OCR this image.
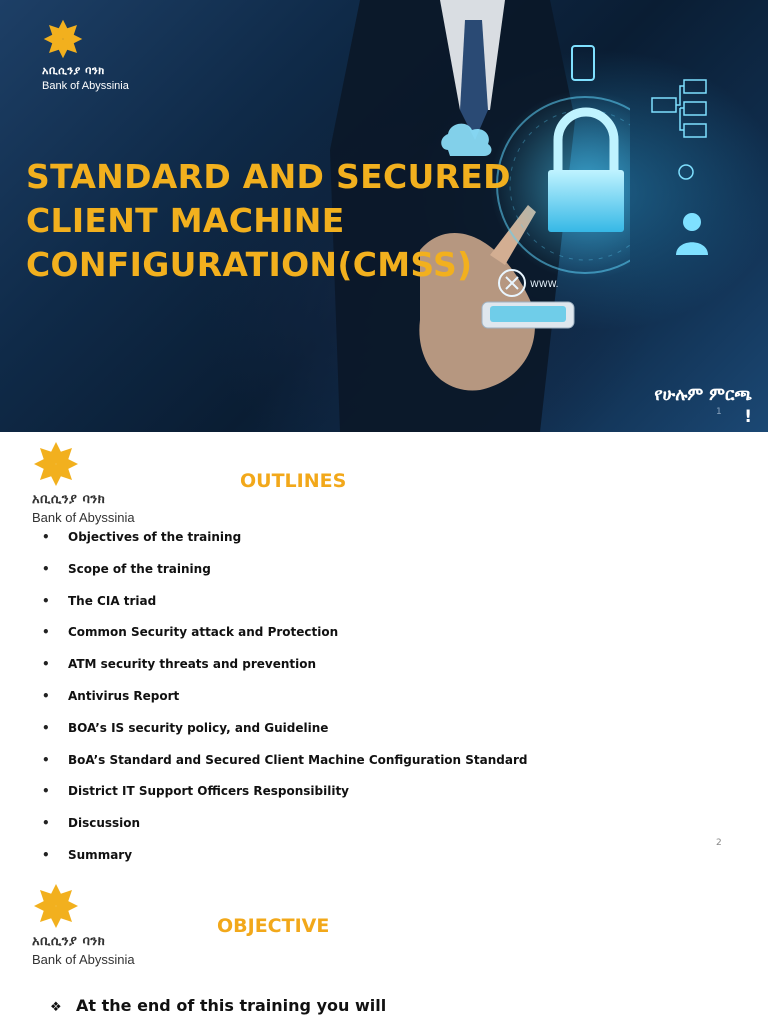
WWW.
አቢሲንያ ባንክ
Bank of Abyssinia
STANDARD AND SECURED
CLIENT MACHINE
CONFIGURATION(CMSS)
የሁሉም ምርጫ
!
1
አቢሲንያ ባንክ
Bank of Abyssinia
OUTLINES
• Objectives of the training
• Scope of the training
• The CIA triad
• Common Security attack and Protection
• ATM security threats and prevention
• Antivirus Report
• BOA’s IS security policy, and Guideline
• BoA’s Standard and Secured Client Machine Configuration Standard
• District IT Support Officers Responsibility
• Discussion
• Summary
2
አቢሲንያ ባንክ
Bank of Abyssinia
OBJECTIVE
❖ At the end of this training you will
